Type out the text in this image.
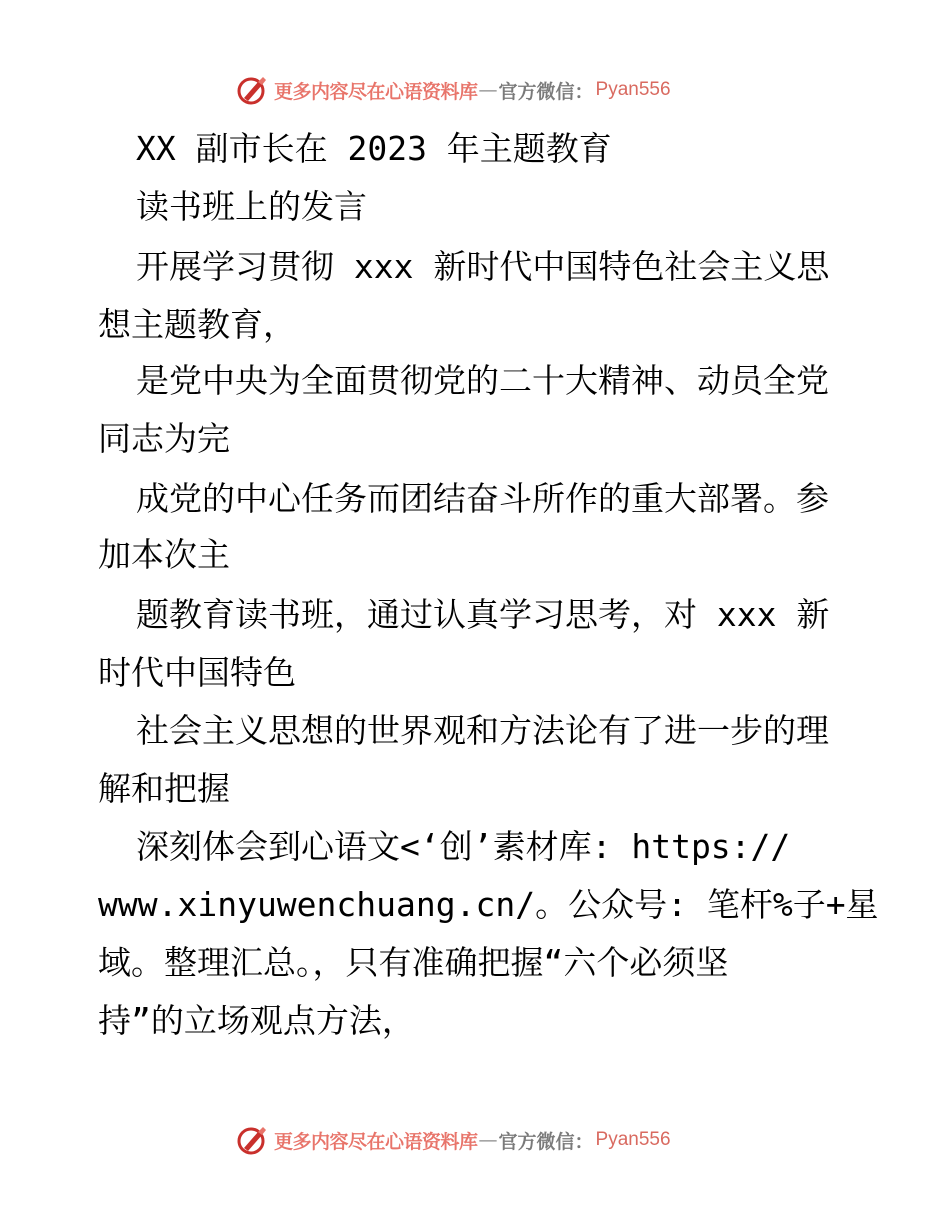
更多内容尽在心语资料库 — 官方微信： Pyan556
XX 副市长在 2023 年主题教育
读书班上的发言
开展学习贯彻 xxx 新时代中国特色社会主义思
想主题教育，
是党中央为全面贯彻党的二十大精神、动员全党
同志为完
成党的中心任务而团结奋斗所作的重大部署。参
加本次主
题教育读书班，通过认真学习思考，对 xxx 新
时代中国特色
社会主义思想的世界观和方法论有了进一步的理
解和把握
深刻体会到心语文<‘创’素材库: https://
www.xinyuwenchuang.cn/。公众号: 笔杆%子+星
域。整理汇总。，只有准确把握“六个必须坚
持”的立场观点方法，
更多内容尽在心语资料库 — 官方微信： Pyan556
